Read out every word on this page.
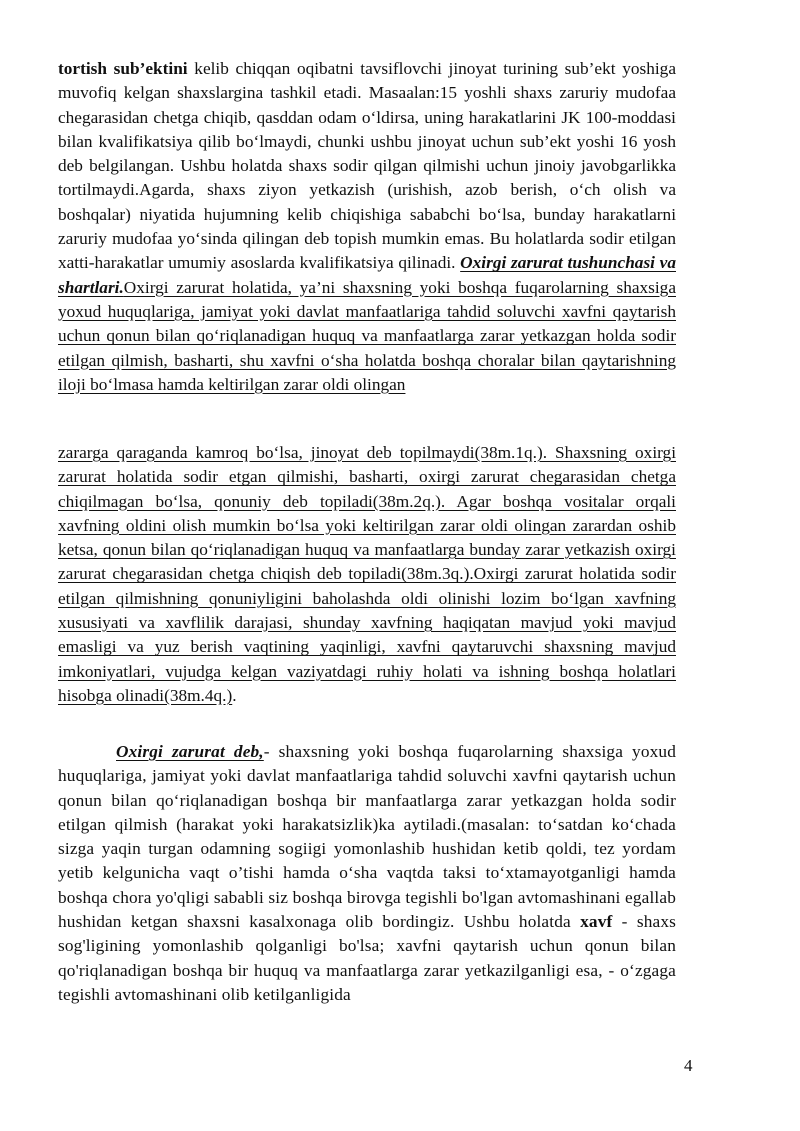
tortish sub’ektini kelib chiqqan oqibatni tavsiflovchi jinoyat turining sub’ekt yoshiga muvofiq kelgan shaxslargina tashkil etadi. Masaalan:15 yoshli shaxs zaruriy mudofaa chegarasidan chetga chiqib, qasddan odam o‘ldirsa, uning harakatlarini JK 100-moddasi bilan kvalifikatsiya qilib bo‘lmaydi, chunki ushbu jinoyat uchun sub’ekt yoshi 16 yosh deb belgilangan. Ushbu holatda shaxs sodir qilgan qilmishi uchun jinoiy javobgarlikka tortilmaydi.Agarda, shaxs ziyon yetkazish (urishish, azob berish, o‘ch olish va boshqalar) niyatida hujumning kelib chiqishiga sababchi bo‘lsa, bunday harakatlarni zaruriy mudofaa yo‘sinda qilingan deb topish mumkin emas. Bu holatlarda sodir etilgan xatti-harakatlar umumiy asoslarda kvalifikatsiya qilinadi. Oxirgi zarurat tushunchasi va shartlari.Oxirgi zarurat holatida, ya’ni shaxsning yoki boshqa fuqarolarning shaxsiga yoxud huquqlariga, jamiyat yoki davlat manfaatlariga tahdid soluvchi xavfni qaytarish uchun qonun bilan qo‘riqlanadigan huquq va manfaatlarga zarar yetkazgan holda sodir etilgan qilmish, basharti, shu xavfni o‘sha holatda boshqa choralar bilan qaytarishning iloji bo‘lmasa hamda keltirilgan zarar oldi olingan

zararga qaraganda kamroq bo‘lsa, jinoyat deb topilmaydi(38m.1q.). Shaxsning oxirgi zarurat holatida sodir etgan qilmishi, basharti, oxirgi zarurat chegarasidan chetga chiqilmagan bo‘lsa, qonuniy deb topiladi(38m.2q.). Agar boshqa vositalar orqali xavfning oldini olish mumkin bo‘lsa yoki keltirilgan zarar oldi olingan zarardan oshib ketsa, qonun bilan qo‘riqlanadigan huquq va manfaatlarga bunday zarar yetkazish oxirgi zarurat chegarasidan chetga chiqish deb topiladi(38m.3q.).Oxirgi zarurat holatida sodir etilgan qilmishning qonuniyligini baholashda oldi olinishi lozim bo‘lgan xavfning xususiyati va xavflilik darajasi, shunday xavfning haqiqatan mavjud yoki mavjud emasligi va yuz berish vaqtining yaqinligi, xavfni qaytaruvchi shaxsning mavjud imkoniyatlari, vujudga kelgan vaziyatdagi ruhiy holati va ishning boshqa holatlari hisobga olinadi(38m.4q.).

Oxirgi zarurat deb,- shaxsning yoki boshqa fuqarolarning shaxsiga yoxud huquqlariga, jamiyat yoki davlat manfaatlariga tahdid soluvchi xavfni qaytarish uchun qonun bilan qo‘riqlanadigan boshqa bir manfaatlarga zarar yetkazgan holda sodir etilgan qilmish (harakat yoki harakatsizlik)ka aytiladi.(masalan: to‘satdan ko‘chada sizga yaqin turgan odamning sogiigi yomonlashib hushidan ketib qoldi, tez yordam yetib kelgunicha vaqt o’tishi hamda o‘sha vaqtda taksi to‘xtamayotganligi hamda boshqa chora yo'qligi sababli siz boshqa birovga tegishli bo'lgan avtomashinani egallab hushidan ketgan shaxsni kasalxonaga olib bordingiz. Ushbu holatda xavf - shaxs sog'ligining yomonlashib qolganligi bo'lsa; xavfni qaytarish uchun qonun bilan qo'riqlanadigan boshqa bir huquq va manfaatlarga zarar yetkazilganligi esa, - o‘zgaga tegishli avtomashinani olib ketilganligida

4
